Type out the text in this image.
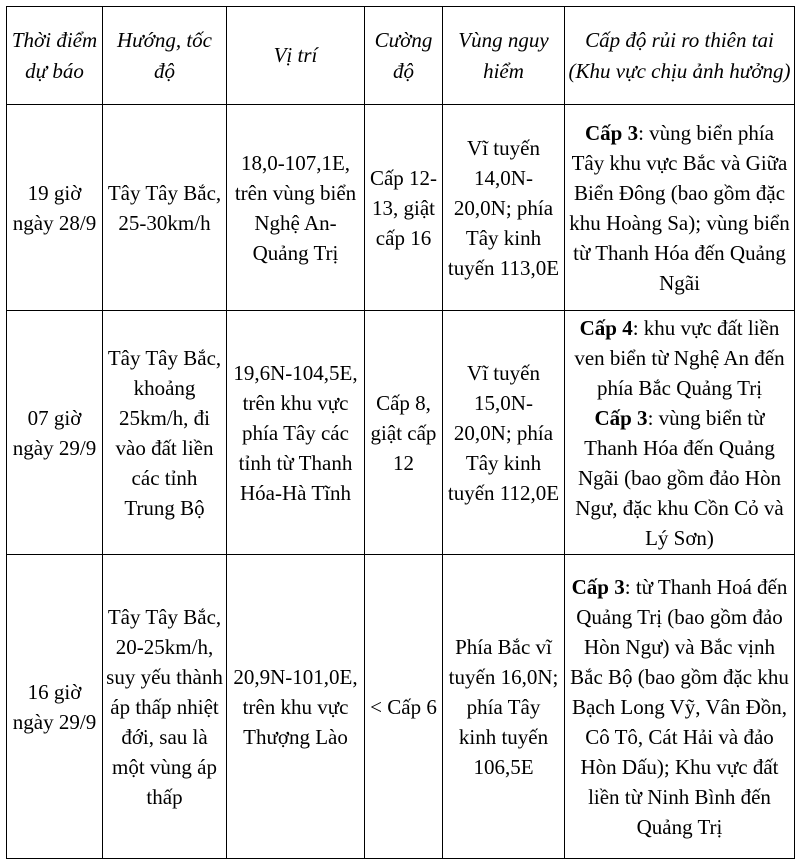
Thời điểm dự báo	Hướng, tốc độ	Vị trí	Cường độ	Vùng nguy hiểm	Cấp độ rủi ro thiên tai (Khu vực chịu ảnh hưởng)
19 giờ ngày 28/9	Tây Tây Bắc, 25-30km/h	18,0-107,1E, trên vùng biển Nghệ An-Quảng Trị	Cấp 12-13, giật cấp 16	Vĩ tuyến 14,0N-20,0N; phía Tây kinh tuyến 113,0E	Cấp 3: vùng biển phía Tây khu vực Bắc và Giữa Biển Đông (bao gồm đặc khu Hoàng Sa); vùng biển từ Thanh Hóa đến Quảng Ngãi

07 giờ ngày 29/9	Tây Tây Bắc, khoảng 25km/h, đi vào đất liền các tỉnh Trung Bộ	19,6N-104,5E, trên khu vực phía Tây các tỉnh từ Thanh Hóa-Hà Tĩnh	Cấp 8, giật cấp 12	Vĩ tuyến 15,0N-20,0N; phía Tây kinh tuyến 112,0E	Cấp 4: khu vực đất liền ven biển từ Nghệ An đến phía Bắc Quảng Trị
Cấp 3: vùng biển từ Thanh Hóa đến Quảng Ngãi (bao gồm đảo Hòn Ngư, đặc khu Cồn Cỏ và Lý Sơn)

16 giờ ngày 29/9	Tây Tây Bắc, 20-25km/h, suy yếu thành áp thấp nhiệt đới, sau là một vùng áp thấp	20,9N-101,0E, trên khu vực Thượng Lào	< Cấp 6	Phía Bắc vĩ tuyến 16,0N; phía Tây kinh tuyến 106,5E	Cấp 3: từ Thanh Hoá đến Quảng Trị (bao gồm đảo Hòn Ngư) và Bắc vịnh Bắc Bộ (bao gồm đặc khu Bạch Long Vỹ, Vân Đồn, Cô Tô, Cát Hải và đảo Hòn Dấu); Khu vực đất liền từ Ninh Bình đến Quảng Trị
